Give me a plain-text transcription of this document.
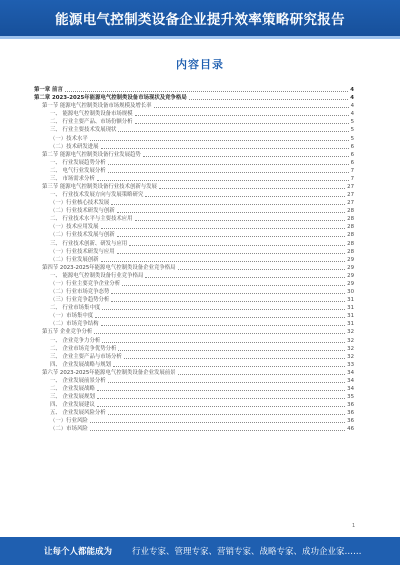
能源电气控制类设备企业提升效率策略研究报告
内容目录
第一章 前言	4
第二章 2023-2025年能源电气控制类设备市场现状及竞争格局	4
第一节 能源电气控制类设备市场规模及增长率	4
一、 能源电气控制类设备市场规模	4
二、 行业主要产品、市场份额分析	5
三、 行业主要技术发展现状	5
（一）技术水平	5
（二）技术研发进展	6
第二节 能源电气控制类设备行业发展趋势	6
一、 行业发展趋势分析	6
二、 电气行业发展分析	7
三、 市场需求分析	7
第三节 能源电气控制类设备行业技术创新与发展	27
一、 行业技术发展方向与发展策略研究	27
（一）行业核心技术发展	27
（二）行业技术研发与创新	28
二、 行业技术水平与主要技术应用	28
（一）技术应用发展	28
（二）行业技术发展与创新	28
三、 行业技术创新、研发与应用	28
（一）行业技术研发与应用	28
（二）行业发展创新	29
第四节 2023-2025年能源电气控制类设备企业竞争格局	29
一、 能源电气控制类设备行业竞争格局	29
（一）行业主要竞争企业分析	29
（二）行业市场竞争态势	30
（三）行业竞争趋势分析	31
二、 行业市场集中度	31
（一）市场集中度	31
（二）市场竞争结构	31
第五节 企业竞争分析	32
一、 企业竞争力分析	32
二、 企业市场竞争优势分析	32
三、 企业主要产品与市场分析	32
四、 企业发展战略与规划	33
第六节 2023-2025年能源电气控制类设备企业发展前景	34
一、 企业发展前景分析	34
二、 企业发展战略	34
三、 企业发展规划	35
四、 企业发展建议	36
五、 企业发展风险分析	36
（一）行业风险	36
（二）市场风险	46
1
让每个人都能成为 行业专家、管理专家、营销专家、战略专家、成功企业家……
